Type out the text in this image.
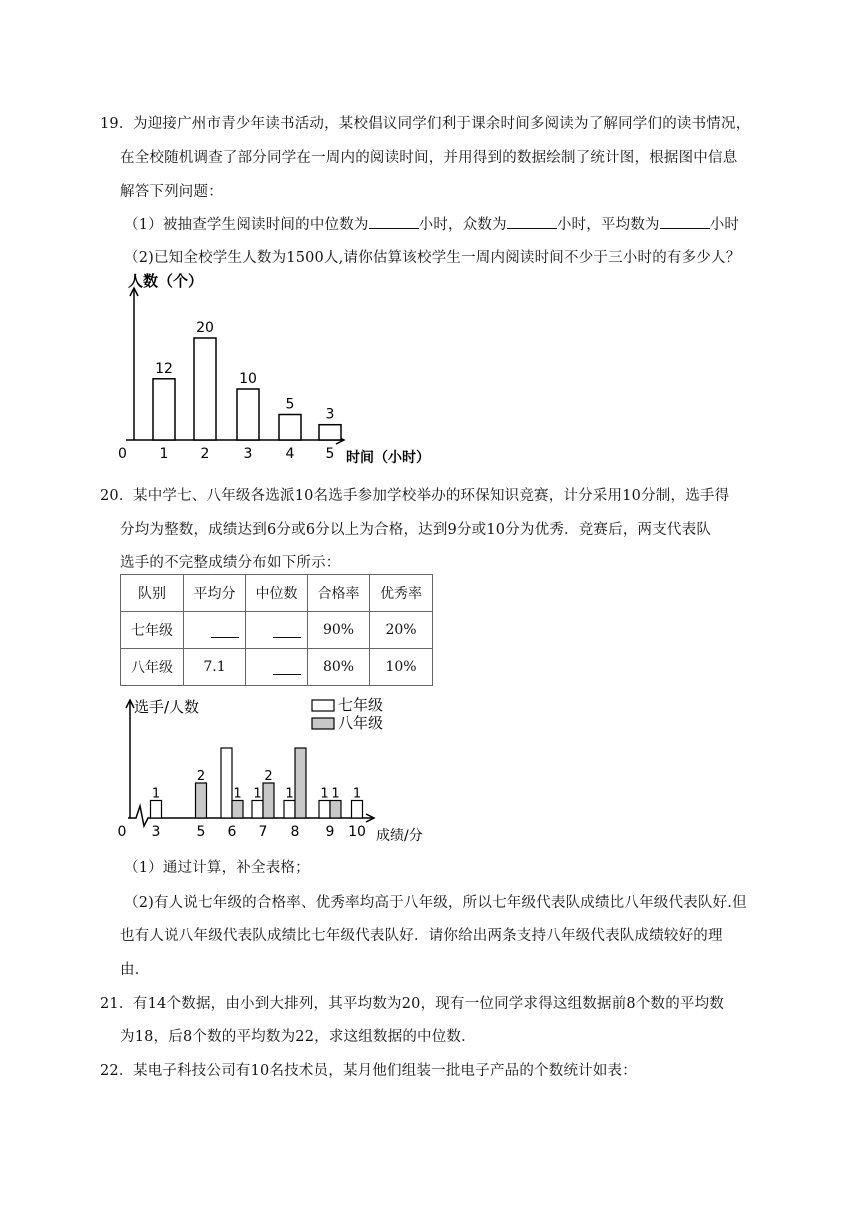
19． 为迎接广州市青少年读书活动，某校倡议同学们利于课余时间多阅读为了解同学们的读书情况，
在全校随机调查了部分同学在一周内的阅读时间，并用得到的数据绘制了统计图，根据图中信息
解答下列问题：
（1）被抽查学生阅读时间的中位数为	小时，众数为	小时，平均数为	小时
（2)已知全校学生人数为1500人,请你估算该校学生一周内阅读时间不少于三小时的有多少人？
人数（个）
时间（小时）
0
12
1
20
2
10
3
5
4
3
5
20． 某中学七、八年级各选派10名选手参加学校举办的环保知识竞赛，计分采用10分制，选手得
分均为整数，成绩达到6分或6分以上为合格，达到9分或10分为优秀．竞赛后，两支代表队
选手的不完整成绩分布如下所示：
队别	平均分	中位数	合格率	优秀率
七年级			90%	20%
八年级	7.1		80%	10%
选手/人数
成绩/分
0
七年级
八年级
3
1
5
2
6
1
7
1
2
8
1
9
1 1
10
1
（1）通过计算，补全表格；
（2)有人说七年级的合格率、优秀率均高于八年级，所以七年级代表队成绩比八年级代表队好.但
也有人说八年级代表队成绩比七年级代表队好．请你给出两条支持八年级代表队成绩较好的理
由．
21． 有14个数据，由小到大排列，其平均数为20，现有一位同学求得这组数据前8个数的平均数
为18，后8个数的平均数为22，求这组数据的中位数．
22． 某电子科技公司有10名技术员，某月他们组装一批电子产品的个数统计如表：
